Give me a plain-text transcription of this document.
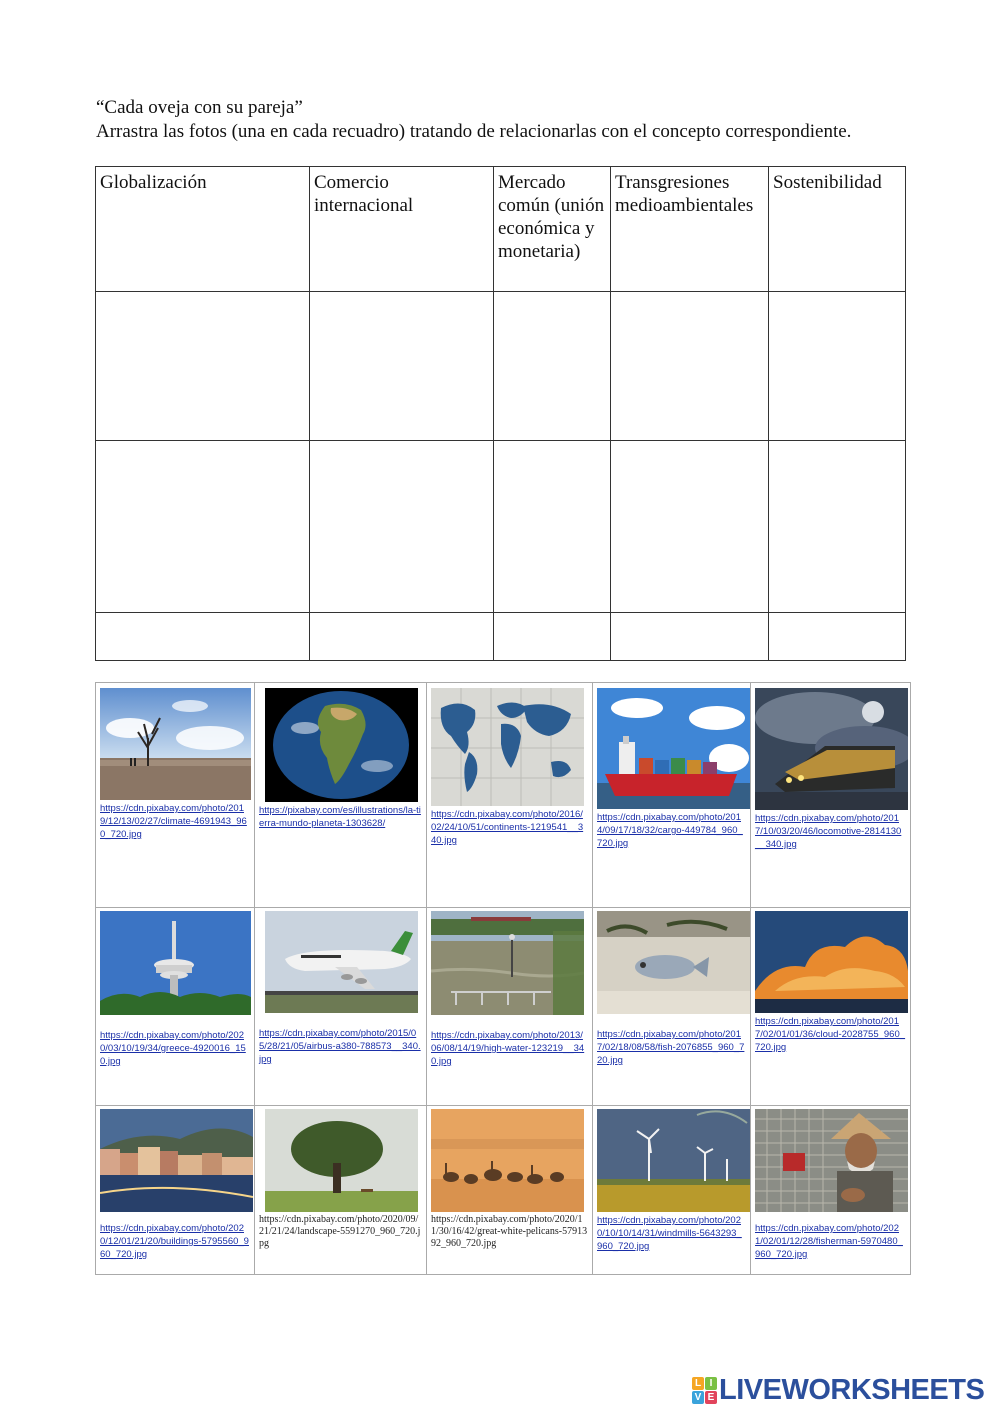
“Cada oveja con su pareja”
Arrastra las fotos (una en cada recuadro) tratando de relacionarlas con el concepto correspondiente.
Globalización	Comercio internacional	Mercado común (unión económica y monetaria)	Transgresiones medioambientales	Sostenibilidad

https://cdn.pixabay.com/photo/2019/12/13/02/27/climate-4691943_960_720.jpg	https://pixabay.com/es/illustrations/la-tierra-mundo-planeta-1303628/	https://cdn.pixabay.com/photo/2016/02/24/10/51/continents-1219541__340.jpg	https://cdn.pixabay.com/photo/2014/09/17/18/32/cargo-449784_960_720.jpg	https://cdn.pixabay.com/photo/2017/10/03/20/46/locomotive-2814130__340.jpg

https://cdn.pixabay.com/photo/2020/03/10/19/34/greece-4920016_150.jpg	https://cdn.pixabay.com/photo/2015/05/28/21/05/airbus-a380-788573__340.jpg	https://cdn.pixabay.com/photo/2013/06/08/14/19/high-water-123219__340.jpg	https://cdn.pixabay.com/photo/2017/02/18/08/58/fish-2076855_960_720.jpg	https://cdn.pixabay.com/photo/2017/02/01/01/36/cloud-2028755_960_720.jpg

https://cdn.pixabay.com/photo/2020/12/01/21/20/buildings-5795560_960_720.jpg	https://cdn.pixabay.com/photo/2020/09/21/21/24/landscape-5591270_960_720.jpg	https://cdn.pixabay.com/photo/2020/11/30/16/42/great-white-pelicans-5791392_960_720.jpg	https://cdn.pixabay.com/photo/2020/10/10/14/31/windmills-5643293_960_720.jpg	https://cdn.pixabay.com/photo/2021/02/01/12/28/fisherman-5970480_960_720.jpg
L I
V E LIVEWORKSHEETS
